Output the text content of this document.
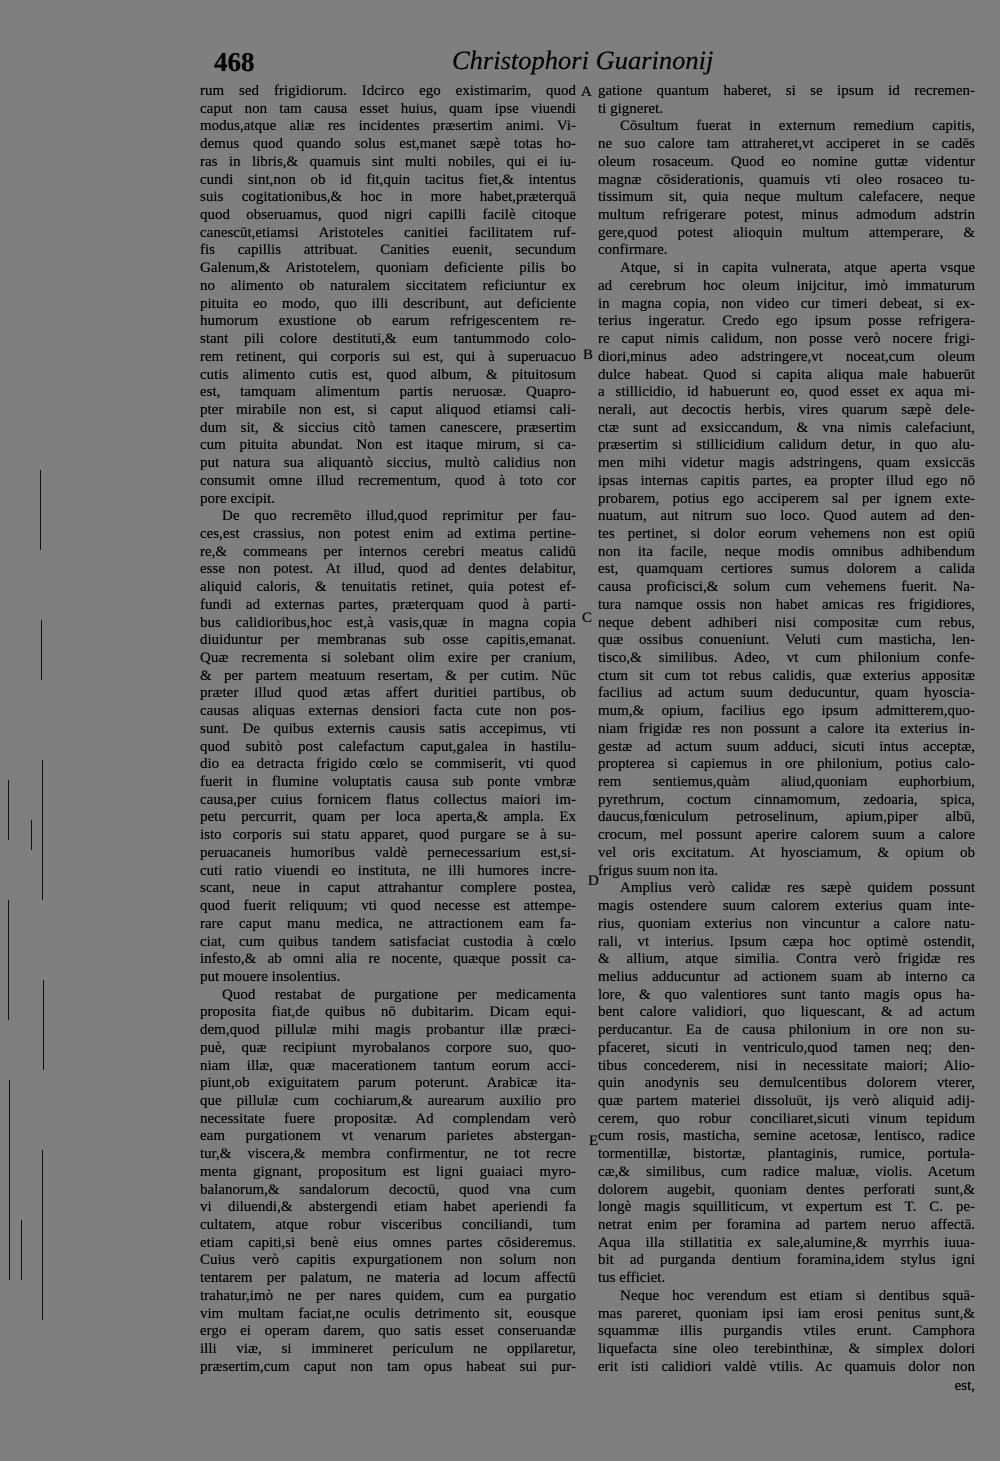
468	Christophori Guarinonij
rum sed frigidiorum. Idcirco ego existimarim, quod
caput non tam causa esset huius, quam ipse viuendi
modus,atque aliæ res incidentes præsertim animi. Vi-
demus quod quando solus est,manet sæpè totas ho-
ras in libris,& quamuis sint multi nobiles, qui ei iu-
cundi sint,non ob id fit,quin tacitus fiet,& intentus
suis cogitationibus,& hoc in more habet,præterquā
quod obseruamus, quod nigri capilli facilè citoque
canescūt,etiamsi Aristoteles canitiei facilitatem ruf-
fis capillis attribuat. Canities euenit, secundum
Galenum,& Aristotelem, quoniam deficiente pilis bo
no alimento ob naturalem siccitatem reficiuntur ex
pituita eo modo, quo illi describunt, aut deficiente
humorum exustione ob earum refrigescentem re-
stant pili colore destituti,& eum tantummodo colo-
rem retinent, qui corporis sui est, qui à superuacuo
cutis alimento cutis est, quod album, & pituitosum
est, tamquam alimentum partis neruosæ. Quapro-
pter mirabile non est, si caput aliquod etiamsi cali-
dum sit, & siccius citò tamen canescere, præsertim
cum pituita abundat. Non est itaque mirum, si ca-
put natura sua aliquantò siccius, multò calidius non
consumit omne illud recrementum, quod à toto cor
pore excipit.
De quo recremēto illud,quod reprimitur per fau-
ces,est crassius, non potest enim ad extima pertine-
re,& commeans per internos cerebri meatus calidū
esse non potest. At illud, quod ad dentes delabitur,
aliquid caloris, & tenuitatis retinet, quia potest ef-
fundi ad externas partes, præterquam quod à parti-
bus calidioribus,hoc est,à vasis,quæ in magna copia
diuiduntur per membranas sub osse capitis,emanat.
Quæ recrementa si solebant olim exire per cranium,
& per partem meatuum resertam, & per cutim. Nūc
præter illud quod ætas affert duritiei partibus, ob
causas aliquas externas densiori facta cute non pos-
sunt. De quibus externis causis satis accepimus, vti
quod subitò post calefactum caput,galea in hastilu-
dio ea detracta frigido cœlo se commiserit, vti quod
fuerit in flumine voluptatis causa sub ponte vmbræ
causa,per cuius fornicem flatus collectus maiori im-
petu percurrit, quam per loca aperta,& ampla. Ex
isto corporis sui statu apparet, quod purgare se à su-
peruacaneis humoribus valdè pernecessarium est,si-
cuti ratio viuendi eo instituta, ne illi humores incre-
scant, neue in caput attrahantur complere postea,
quod fuerit reliquum; vti quod necesse est attempe-
rare caput manu medica, ne attractionem eam fa-
ciat, cum quibus tandem satisfaciat custodia à cœlo
infesto,& ab omni alia re nocente, quæque possit ca-
put mouere insolentius.
Quod restabat de purgatione per medicamenta
proposita fiat,de quibus nō dubitarim. Dicam equi-
dem,quod pillulæ mihi magis probantur illæ præci-
puè, quæ recipiunt myrobalanos corpore suo, quo-
niam illæ, quæ macerationem tantum eorum acci-
piunt,ob exiguitatem parum poterunt. Arabicæ ita-
que pillulæ cum cochiarum,& aurearum auxilio pro
necessitate fuere propositæ. Ad complendam verò
eam purgationem vt venarum parietes abstergan-
tur,& viscera,& membra confirmentur, ne tot recre
menta gignant, propositum est ligni guaiaci myro-
balanorum,& sandalorum decoctū, quod vna cum
vi diluendi,& abstergendi etiam habet aperiendi fa
cultatem, atque robur visceribus conciliandi, tum
etiam capiti,si benè eius omnes partes cōsideremus.
Cuius verò capitis expurgationem non solum non
tentarem per palatum, ne materia ad locum affectū
trahatur,imò ne per nares quidem, cum ea purgatio
vim multam faciat,ne oculis detrimento sit, eousque
ergo ei operam darem, quo satis esset conseruandæ
illi viæ, si immineret periculum ne oppilaretur,
præsertim,cum caput non tam opus habeat sui pur-
gatione quantum haberet, si se ipsum id recremen-
ti gigneret.
Cōsultum fuerat in externum remedium capitis,
ne suo calore tam attraheret,vt acciperet in se cadēs
oleum rosaceum. Quod eo nomine guttæ videntur
magnæ cōsiderationis, quamuis vti oleo rosaceo tu-
tissimum sit, quia neque multum calefacere, neque
multum refrigerare potest, minus admodum adstrin
gere,quod potest alioquin multum attemperare, &
confirmare.
Atque, si in capita vulnerata, atque aperta vsque
ad cerebrum hoc oleum inijcitur, imò immaturum
in magna copia, non video cur timeri debeat, si ex-
terius ingeratur. Credo ego ipsum posse refrigera-
re caput nimis calidum, non posse verò nocere frigi-
diori,minus adeo adstringere,vt noceat,cum oleum
dulce habeat. Quod si capita aliqua male habuerūt
a stillicidio, id habuerunt eo, quod esset ex aqua mi-
nerali, aut decoctis herbis, vires quarum sæpè dele-
ctæ sunt ad exsiccandum, & vna nimis calefaciunt,
præsertim si stillicidium calidum detur, in quo alu-
men mihi videtur magis adstringens, quam exsiccās
ipsas internas capitis partes, ea propter illud ego nō
probarem, potius ego acciperem sal per ignem exte-
nuatum, aut nitrum suo loco. Quod autem ad den-
tes pertinet, si dolor eorum vehemens non est opiū
non ita facile, neque modis omnibus adhibendum
est, quamquam certiores sumus dolorem a calida
causa proficisci,& solum cum vehemens fuerit. Na-
tura namque ossis non habet amicas res frigidiores,
neque debent adhiberi nisi compositæ cum rebus,
quæ ossibus conueniunt. Veluti cum masticha, len-
tisco,& similibus. Adeo, vt cum philonium confe-
ctum sit cum tot rebus calidis, quæ exterius appositæ
facilius ad actum suum deducuntur, quam hyoscia-
mum,& opium, facilius ego ipsum admitterem,quo-
niam frigidæ res non possunt a calore ita exterius in-
gestæ ad actum suum adduci, sicuti intus acceptæ,
propterea si capiemus in ore philonium, potius calo-
rem sentiemus,quàm aliud,quoniam euphorbium,
pyrethrum, coctum cinnamomum, zedoaria, spica,
daucus,fœniculum petroselinum, apium,piper albū,
crocum, mel possunt aperire calorem suum a calore
vel oris excitatum. At hyosciamum, & opium ob
frigus suum non ita.
Amplius verò calidæ res sæpè quidem possunt
magis ostendere suum calorem exterius quam inte-
rius, quoniam exterius non vincuntur a calore natu-
rali, vt interius. Ipsum cæpa hoc optimè ostendit,
& allium, atque similia. Contra verò frigidæ res
melius adducuntur ad actionem suam ab interno ca
lore, & quo valentiores sunt tanto magis opus ha-
bent calore validiori, quo liquescant, & ad actum
perducantur. Ea de causa philonium in ore non su-
pfaceret, sicuti in ventriculo,quod tamen neq; den-
tibus concederem, nisi in necessitate maiori; Alio-
quin anodynis seu demulcentibus dolorem vterer,
quæ partem materiei dissoluūt, ijs verò aliquid adij-
cerem, quo robur conciliaret,sicuti vinum tepidum
cum rosis, masticha, semine acetosæ, lentisco, radice
tormentillæ, bistortæ, plantaginis, rumice, portula-
cæ,& similibus, cum radice maluæ, violis. Acetum
dolorem augebit, quoniam dentes perforati sunt,&
longè magis squilliticum, vt expertum est T. C. pe-
netrat enim per foramina ad partem neruo affectā.
Aqua illa stillatitia ex sale,alumine,& myrrhis iuua-
bit ad purganda dentium foramina,idem stylus igni
tus efficiet.
Neque hoc verendum est etiam si dentibus squā-
mas pareret, quoniam ipsi iam erosi penitus sunt,&
squammæ illis purgandis vtiles erunt. Camphora
liquefacta sine oleo terebinthinæ, & simplex dolori
erit isti calidiori valdè vtilis. Ac quamuis dolor non
A
B
C
D
E
est,
